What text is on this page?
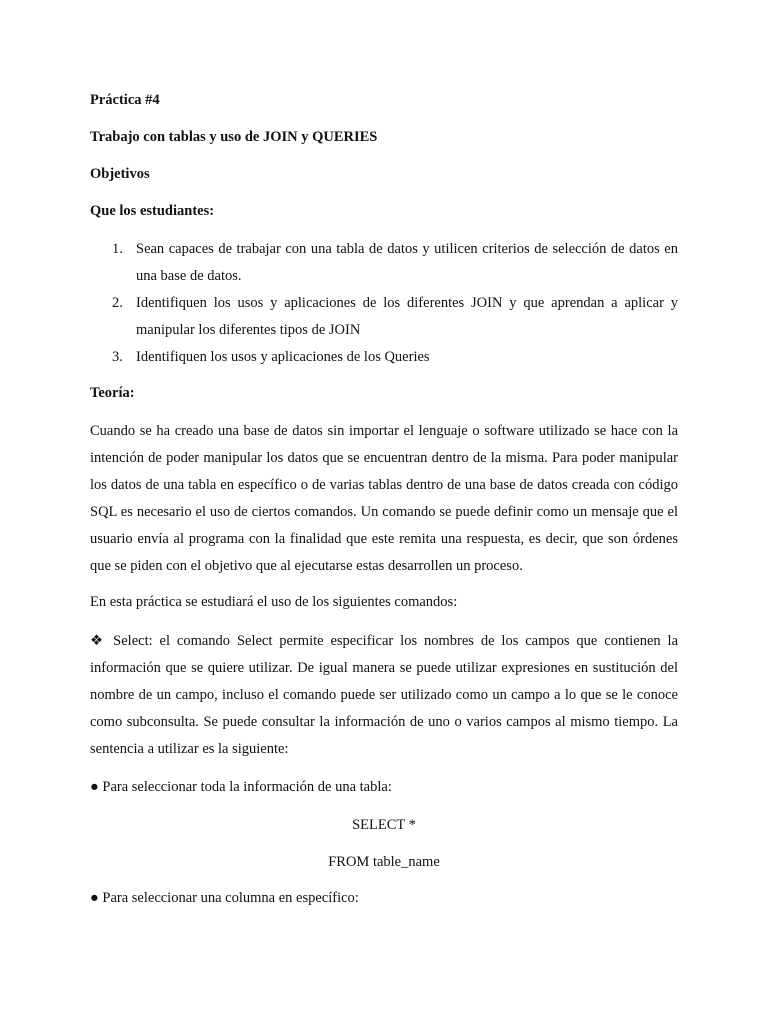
Práctica #4
Trabajo con tablas y uso de JOIN y QUERIES
Objetivos
Que los estudiantes:
1. Sean capaces de trabajar con una tabla de datos y utilicen criterios de selección de datos en una base de datos.
2. Identifiquen los usos y aplicaciones de los diferentes JOIN y que aprendan a aplicar y manipular los diferentes tipos de JOIN
3. Identifiquen los usos y aplicaciones de los Queries
Teoría:
Cuando se ha creado una base de datos sin importar el lenguaje o software utilizado se hace con la intención de poder manipular los datos que se encuentran dentro de la misma. Para poder manipular los datos de una tabla en específico o de varias tablas dentro de una base de datos creada con código SQL es necesario el uso de ciertos comandos. Un comando se puede definir como un mensaje que el usuario envía al programa con la finalidad que este remita una respuesta, es decir, que son órdenes que se piden con el objetivo que al ejecutarse estas desarrollen un proceso.
En esta práctica se estudiará el uso de los siguientes comandos:
❖ Select: el comando Select permite especificar los nombres de los campos que contienen la información que se quiere utilizar. De igual manera se puede utilizar expresiones en sustitución del nombre de un campo, incluso el comando puede ser utilizado como un campo a lo que se le conoce como subconsulta. Se puede consultar la información de uno o varios campos al mismo tiempo. La sentencia a utilizar es la siguiente:
● Para seleccionar toda la información de una tabla:
SELECT *
FROM table_name
● Para seleccionar una columna en específico:
